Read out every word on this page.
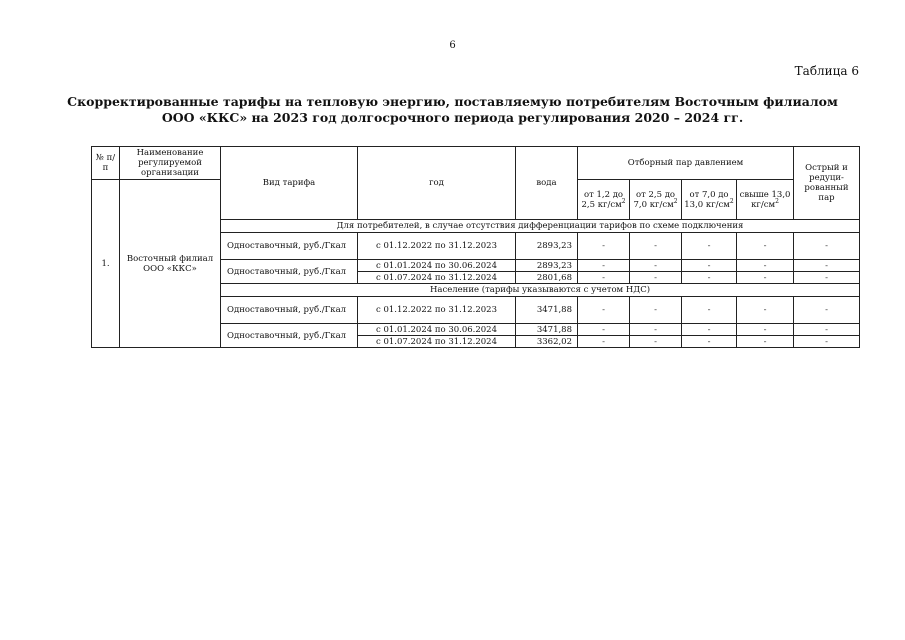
6
Таблица 6
Скорректированные тарифы на тепловую энергию, поставляемую потребителям Восточным филиалом
ООО «ККС» на 2023 год долгосрочного периода регулирования 2020 – 2024 гг.
№ п/п	Наименование регулируемой организации	Вид тарифа	год	вода	Отборный пар давлением				Острый и редуци-рованный пар
1.	Восточный филиал ООО «ККС»				от 1,2 до 2,5 $кг/см^2$	от 2,5 до 7,0 $кг/см^2$	от 7,0 до 13,0 $кг/см^2$	свыше 13,0 $кг/см^2$
		Для потребителей, в случае отсутствия дифференциации тарифов по схеме подключения							
		Одноставочный, руб./Гкал	с 01.12.2022 по 31.12.2023	2893,23	-	-	-	-	-
		Одноставочный, руб./Гкал	с 01.01.2024 по 30.06.2024	2893,23	-	-	-	-	-
			с 01.07.2024 по 31.12.2024	2801,68	-	-	-	-	-
		Население (тарифы указываются с учетом НДС)							
		Одноставочный, руб./Гкал	с 01.12.2022 по 31.12.2023	3471,88	-	-	-	-	-
		Одноставочный, руб./Гкал	с 01.01.2024 по 30.06.2024	3471,88	-	-	-	-	-
			с 01.07.2024 по 31.12.2024	3362,02	-	-	-	-	-
